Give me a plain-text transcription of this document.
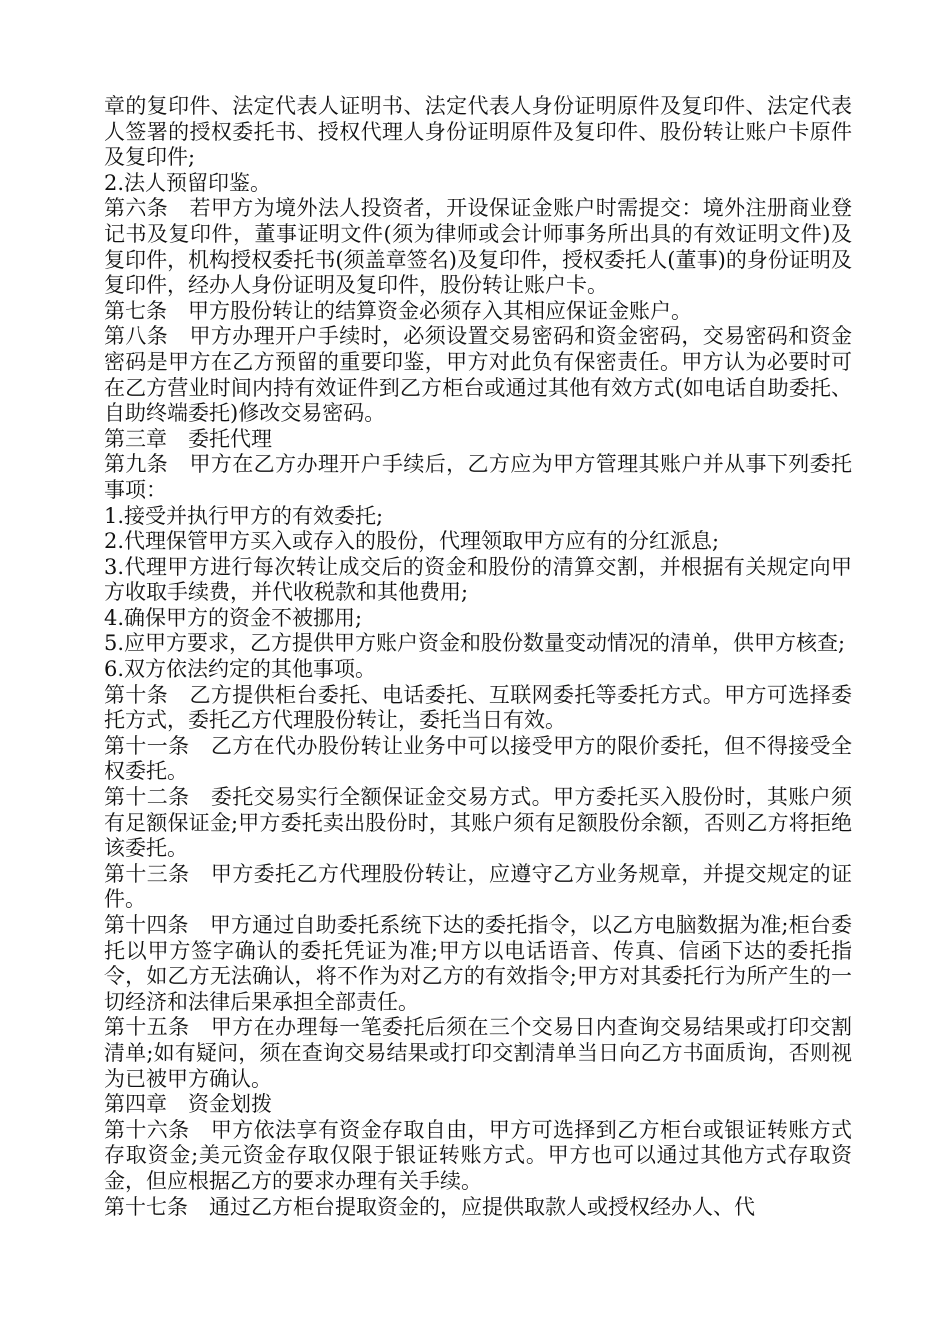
章的复印件、法定代表人证明书、法定代表人身份证明原件及复印件、法定代表人签署的授权委托书、授权代理人身份证明原件及复印件、股份转让账户卡原件及复印件;

2.法人预留印鉴。

第六条　若甲方为境外法人投资者，开设保证金账户时需提交：境外注册商业登记书及复印件，董事证明文件(须为律师或会计师事务所出具的有效证明文件)及复印件，机构授权委托书(须盖章签名)及复印件，授权委托人(董事)的身份证明及复印件，经办人身份证明及复印件，股份转让账户卡。

第七条　甲方股份转让的结算资金必须存入其相应保证金账户。

第八条　甲方办理开户手续时，必须设置交易密码和资金密码，交易密码和资金密码是甲方在乙方预留的重要印鉴，甲方对此负有保密责任。甲方认为必要时可在乙方营业时间内持有效证件到乙方柜台或通过其他有效方式(如电话自助委托、自助终端委托)修改交易密码。

第三章　委托代理

第九条　甲方在乙方办理开户手续后，乙方应为甲方管理其账户并从事下列委托事项：

1.接受并执行甲方的有效委托;

2.代理保管甲方买入或存入的股份，代理领取甲方应有的分红派息;

3.代理甲方进行每次转让成交后的资金和股份的清算交割，并根据有关规定向甲方收取手续费，并代收税款和其他费用;

4.确保甲方的资金不被挪用;

5.应甲方要求，乙方提供甲方账户资金和股份数量变动情况的清单，供甲方核查;

6.双方依法约定的其他事项。

第十条　乙方提供柜台委托、电话委托、互联网委托等委托方式。甲方可选择委托方式，委托乙方代理股份转让，委托当日有效。

第十一条　乙方在代办股份转让业务中可以接受甲方的限价委托，但不得接受全权委托。

第十二条　委托交易实行全额保证金交易方式。甲方委托买入股份时，其账户须有足额保证金;甲方委托卖出股份时，其账户须有足额股份余额，否则乙方将拒绝该委托。

第十三条　甲方委托乙方代理股份转让，应遵守乙方业务规章，并提交规定的证件。

第十四条　甲方通过自助委托系统下达的委托指令，以乙方电脑数据为准;柜台委托以甲方签字确认的委托凭证为准;甲方以电话语音、传真、信函下达的委托指令，如乙方无法确认，将不作为对乙方的有效指令;甲方对其委托行为所产生的一切经济和法律后果承担全部责任。

第十五条　甲方在办理每一笔委托后须在三个交易日内查询交易结果或打印交割清单;如有疑问，须在查询交易结果或打印交割清单当日向乙方书面质询，否则视为已被甲方确认。

第四章　资金划拨

第十六条　甲方依法享有资金存取自由，甲方可选择到乙方柜台或银证转账方式存取资金;美元资金存取仅限于银证转账方式。甲方也可以通过其他方式存取资金，但应根据乙方的要求办理有关手续。

第十七条　通过乙方柜台提取资金的，应提供取款人或授权经办人、代
